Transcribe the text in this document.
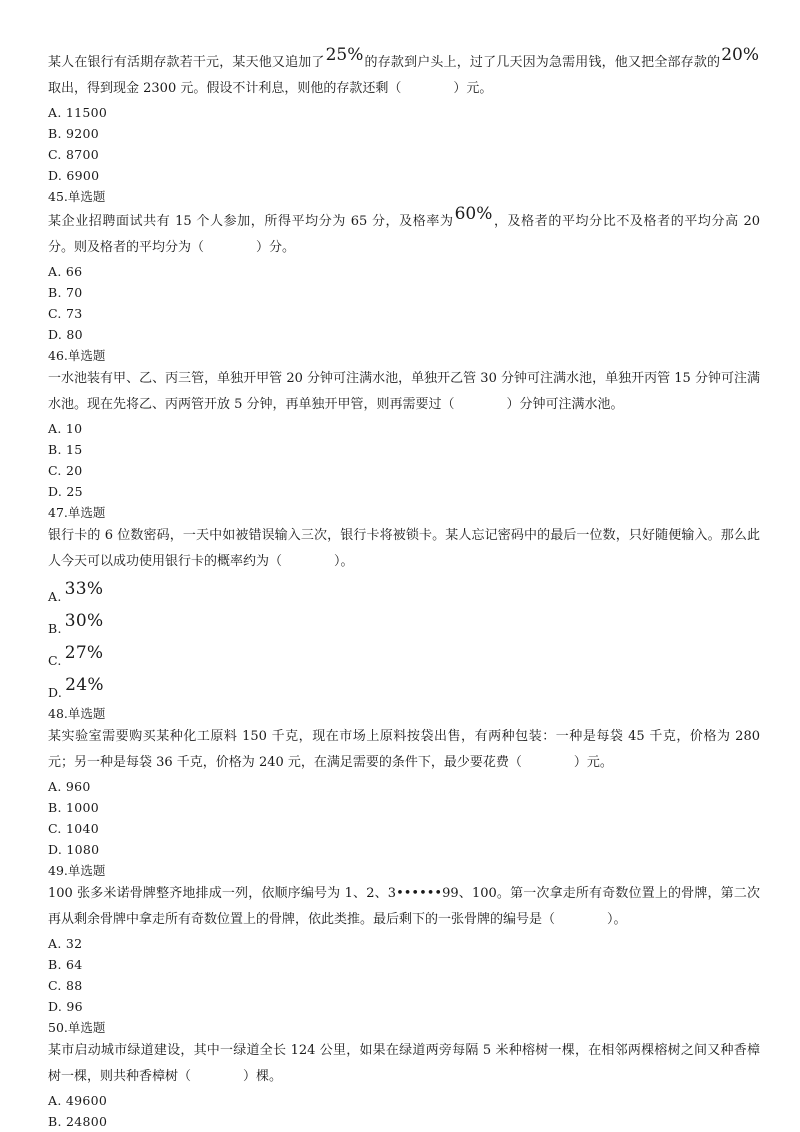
某人在银行有活期存款若干元，某天他又追加了25%的存款到户头上，过了几天因为急需用钱，他又把全部存款的20%取出，得到现金 2300 元。假设不计利息，则他的存款还剩（	）元。
A. 11500
B. 9200
C. 8700
D. 6900
45.单选题
某企业招聘面试共有 15 个人参加，所得平均分为 65 分，及格率为60%，及格者的平均分比不及格者的平均分高 20 分。则及格者的平均分为（	）分。
A. 66
B. 70
C. 73
D. 80
46.单选题
一水池装有甲、乙、丙三管，单独开甲管 20 分钟可注满水池，单独开乙管 30 分钟可注满水池，单独开丙管 15 分钟可注满水池。现在先将乙、丙两管开放 5 分钟，再单独开甲管，则再需要过（	）分钟可注满水池。
A. 10
B. 15
C. 20
D. 25
47.单选题
银行卡的 6 位数密码，一天中如被错误输入三次，银行卡将被锁卡。某人忘记密码中的最后一位数，只好随便输入。那么此人今天可以成功使用银行卡的概率约为（	）。
A. 33%
B. 30%
C. 27%
D. 24%
48.单选题
某实验室需要购买某种化工原料 150 千克，现在市场上原料按袋出售，有两种包装：一种是每袋 45 千克，价格为 280 元；另一种是每袋 36 千克，价格为 240 元，在满足需要的条件下，最少要花费（	）元。
A. 960
B. 1000
C. 1040
D. 1080
49.单选题
100 张多米诺骨牌整齐地排成一列，依顺序编号为 1、2、3••••••99、100。第一次拿走所有奇数位置上的骨牌，第二次再从剩余骨牌中拿走所有奇数位置上的骨牌，依此类推。最后剩下的一张骨牌的编号是（	）。
A. 32
B. 64
C. 88
D. 96
50.单选题
某市启动城市绿道建设，其中一绿道全长 124 公里，如果在绿道两旁每隔 5 米种榕树一棵，在相邻两棵榕树之间又种香樟树一棵，则共种香樟树（	）棵。
A. 49600
B. 24800
